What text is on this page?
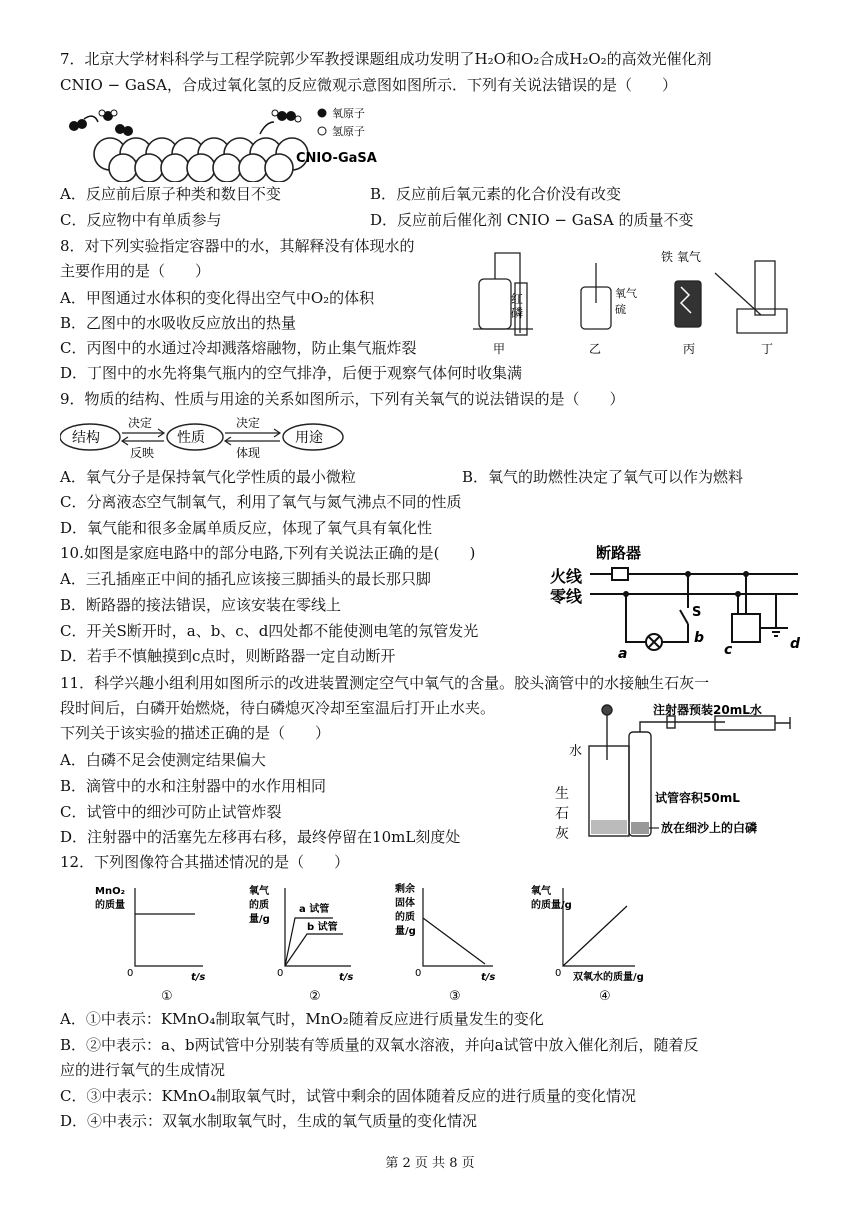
7．北京大学材料科学与工程学院郭少军教授课题组成功发明了H₂O和O₂合成H₂O₂的高效光催化剂
CNIO − GaSA，合成过氧化氢的反应微观示意图如图所示．下列有关说法错误的是（　　）
氧原子
氢原子
CNIO-GaSA
A．反应前后原子种类和数目不变	B．反应前后氧元素的化合价没有改变
C．反应物中有单质参与	D．反应前后催化剂 CNIO − GaSA 的质量不变
8．对下列实验指定容器中的水，其解释没有体现水的
主要作用的是（　　）
A．甲图通过水体积的变化得出空气中O₂的体积
B．乙图中的水吸收反应放出的热量
C．丙图中的水通过冷却溅落熔融物，防止集气瓶炸裂
D．丁图中的水先将集气瓶内的空气排净，后便于观察气体何时收集满
红
磷
氧气
硫
铁 氧气
甲	乙	丙	丁
9．物质的结构、性质与用途的关系如图所示，下列有关氧气的说法错误的是（　　）
结构	性质	用途
决定
反映
决定
体现
A．氧气分子是保持氧气化学性质的最小微粒	B．氧气的助燃性决定了氧气可以作为燃料
C．分离液态空气制氧气，利用了氧气与氮气沸点不同的性质
D．氧气能和很多金属单质反应，体现了氧气具有氧化性
10.如图是家庭电路中的部分电路,下列有关说法正确的是(　　)
A．三孔插座正中间的插孔应该接三脚插头的最长那只脚
B．断路器的接法错误，应该安装在零线上
C．开关S断开时，a、b、c、d四处都不能使测电笔的氖管发光
D．若手不慎触摸到c点时，则断路器一定自动断开
断路器
火线
零线
S
a
b
c	d
11．科学兴趣小组利用如图所示的改进装置测定空气中氧气的含量。胶头滴管中的水接触生石灰一
段时间后，白磷开始燃烧，待白磷熄灭冷却至室温后打开止水夹。
下列关于该实验的描述正确的是（　　）
A．白磷不足会使测定结果偏大
B．滴管中的水和注射器中的水作用相同
C．试管中的细沙可防止试管炸裂
D．注射器中的活塞先左移再右移，最终停留在10mL刻度处
注射器预装20mL水
水
试管容积50mL
生
石
灰	放在细沙上的白磷
12．下列图像符合其描述情况的是（　　）
MnO₂
的质量
0	t/s
①
氧气
的质
量/g
a 试管
b 试管
0	t/s
②
剩余
固体
的质
量/g
0	t/s
③
氧气
的质量/g
0 双氧水的质量/g
④
A．①中表示：KMnO₄制取氧气时，MnO₂随着反应进行质量发生的变化
B．②中表示：a、b两试管中分别装有等质量的双氧水溶液，并向a试管中放入催化剂后，随着反
应的进行氧气的生成情况
C．③中表示：KMnO₄制取氧气时，试管中剩余的固体随着反应的进行质量的变化情况
D．④中表示：双氧水制取氧气时，生成的氧气质量的变化情况
第 2 页 共 8 页
